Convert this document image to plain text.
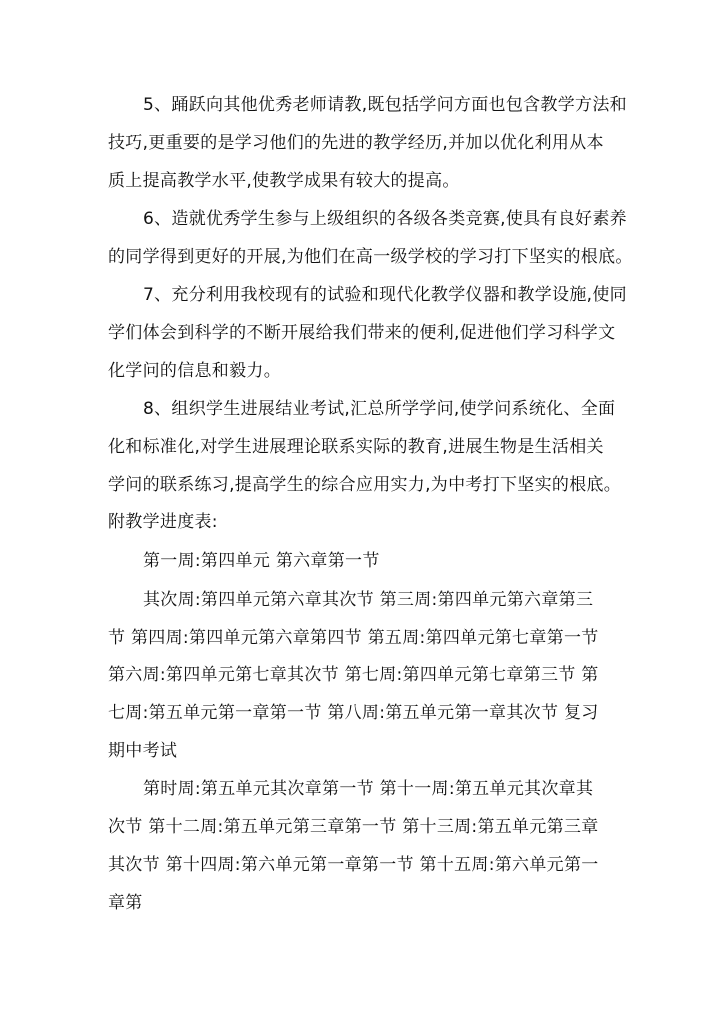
5、踊跃向其他优秀老师请教,既包括学问方面也包含教学方法和
技巧,更重要的是学习他们的先进的教学经历,并加以优化利用从本
质上提高教学水平,使教学成果有较大的提高。
6、造就优秀学生参与上级组织的各级各类竞赛,使具有良好素养
的同学得到更好的开展,为他们在高一级学校的学习打下坚实的根底。
7、充分利用我校现有的试验和现代化教学仪器和教学设施,使同
学们体会到科学的不断开展给我们带来的便利,促进他们学习科学文
化学问的信息和毅力。
8、组织学生进展结业考试,汇总所学学问,使学问系统化、全面
化和标准化,对学生进展理论联系实际的教育,进展生物是生活相关
学问的联系练习,提高学生的综合应用实力,为中考打下坚实的根底。
附教学进度表:
第一周:第四单元 第六章第一节
其次周:第四单元第六章其次节 第三周:第四单元第六章第三
节 第四周:第四单元第六章第四节 第五周:第四单元第七章第一节
第六周:第四单元第七章其次节 第七周:第四单元第七章第三节 第
七周:第五单元第一章第一节 第八周:第五单元第一章其次节 复习
期中考试
第时周:第五单元其次章第一节 第十一周:第五单元其次章其
次节 第十二周:第五单元第三章第一节 第十三周:第五单元第三章
其次节 第十四周:第六单元第一章第一节 第十五周:第六单元第一
章第
